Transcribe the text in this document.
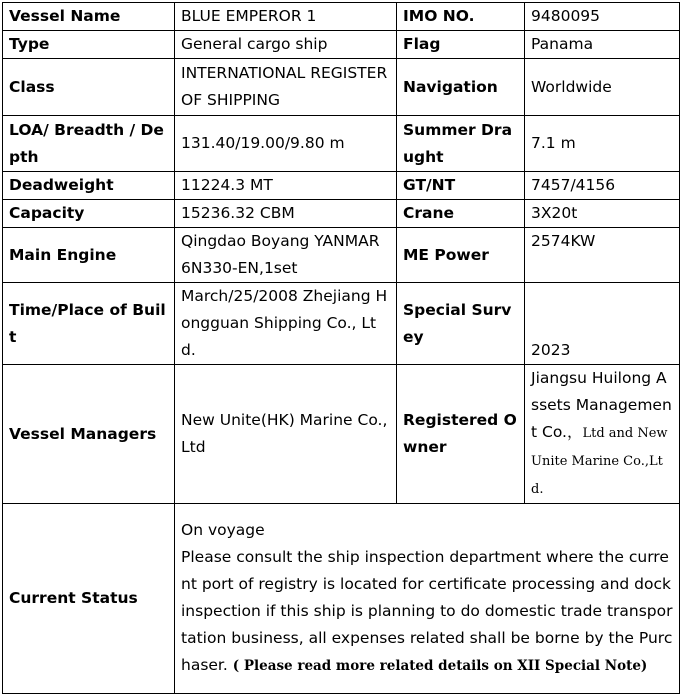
Vessel Name	BLUE EMPEROR 1	IMO NO.	9480095
Type	General cargo ship	Flag	Panama
Class	INTERNATIONAL REGISTER OF SHIPPING	Navigation	Worldwide
LOA/ Breadth / Depth	131.40/19.00/9.80 m	Summer Draught	7.1 m
Deadweight	11224.3 MT	GT/NT	7457/4156
Capacity	15236.32 CBM	Crane	3X20t
Main Engine	Qingdao Boyang YANMAR 6N330-EN,1set	ME Power	2574KW
Time/Place of Built	March/25/2008 Zhejiang Hongguan Shipping Co., Ltd.	Special Survey	2023
Vessel Managers	New Unite(HK) Marine Co.,Ltd	Registered Owner	Jiangsu Huilong Assets Management Co.，Ltd and New Unite Marine Co.,Ltd.
Current Status	On voyage
Please consult the ship inspection department where the current port of registry is located for certificate processing and dock inspection if this ship is planning to do domestic trade transportation business, all expenses related shall be borne by the Purchaser. ( Please read more related details on XII Special Note)		
